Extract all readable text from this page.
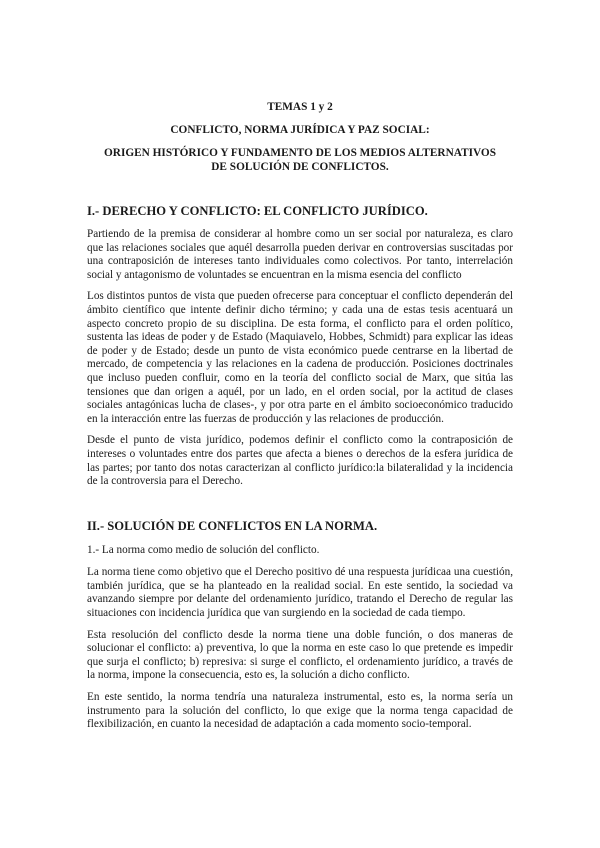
TEMAS 1 y 2
CONFLICTO, NORMA JURÍDICA Y PAZ SOCIAL:
ORIGEN HISTÓRICO Y FUNDAMENTO DE LOS MEDIOS ALTERNATIVOS DE SOLUCIÓN DE CONFLICTOS.
I.- DERECHO Y CONFLICTO: EL CONFLICTO JURÍDICO.

Partiendo de la premisa de considerar al hombre como un ser social por naturaleza, es claro que las relaciones sociales que aquél desarrolla pueden derivar en controversias suscitadas por una contraposición de intereses tanto individuales como colectivos. Por tanto, interrelación social y antagonismo de voluntades se encuentran en la misma esencia del conflicto

Los distintos puntos de vista que pueden ofrecerse para conceptuar el conflicto dependerán del ámbito científico que intente definir dicho término; y cada una de estas tesis acentuará un aspecto concreto propio de su disciplina. De esta forma, el conflicto para el orden político, sustenta las ideas de poder y de Estado (Maquiavelo, Hobbes, Schmidt) para explicar las ideas de poder y de Estado; desde un punto de vista económico puede centrarse en la libertad de mercado, de competencia y las relaciones en la cadena de producción. Posiciones doctrinales que incluso pueden confluir, como en la teoría del conflicto social de Marx, que sitúa las tensiones que dan origen a aquél, por un lado, en el orden social, por la actitud de clases sociales antagónicas lucha de clases-, y por otra parte en el ámbito socioeconómico traducido en la interacción entre las fuerzas de producción y las relaciones de producción.

Desde el punto de vista jurídico, podemos definir el conflicto como la contraposición de intereses o voluntades entre dos partes que afecta a bienes o derechos de la esfera jurídica de las partes; por tanto dos notas caracterizan al conflicto jurídico:la bilateralidad y la incidencia de la controversia para el Derecho.

II.- SOLUCIÓN DE CONFLICTOS EN LA NORMA.

1.- La norma como medio de solución del conflicto.

La norma tiene como objetivo que el Derecho positivo dé una respuesta jurídicaa una cuestión, también jurídica, que se ha planteado en la realidad social. En este sentido, la sociedad va avanzando siempre por delante del ordenamiento jurídico, tratando el Derecho de regular las situaciones con incidencia jurídica que van surgiendo en la sociedad de cada tiempo.

Esta resolución del conflicto desde la norma tiene una doble función, o dos maneras de solucionar el conflicto: a) preventiva, lo que la norma en este caso lo que pretende es impedir que surja el conflicto; b) represiva: si surge el conflicto, el ordenamiento jurídico, a través de la norma, impone la consecuencia, esto es, la solución a dicho conflicto.

En este sentido, la norma tendría una naturaleza instrumental, esto es, la norma sería un instrumento para la solución del conflicto, lo que exige que la norma tenga capacidad de flexibilización, en cuanto la necesidad de adaptación a cada momento socio-temporal.
